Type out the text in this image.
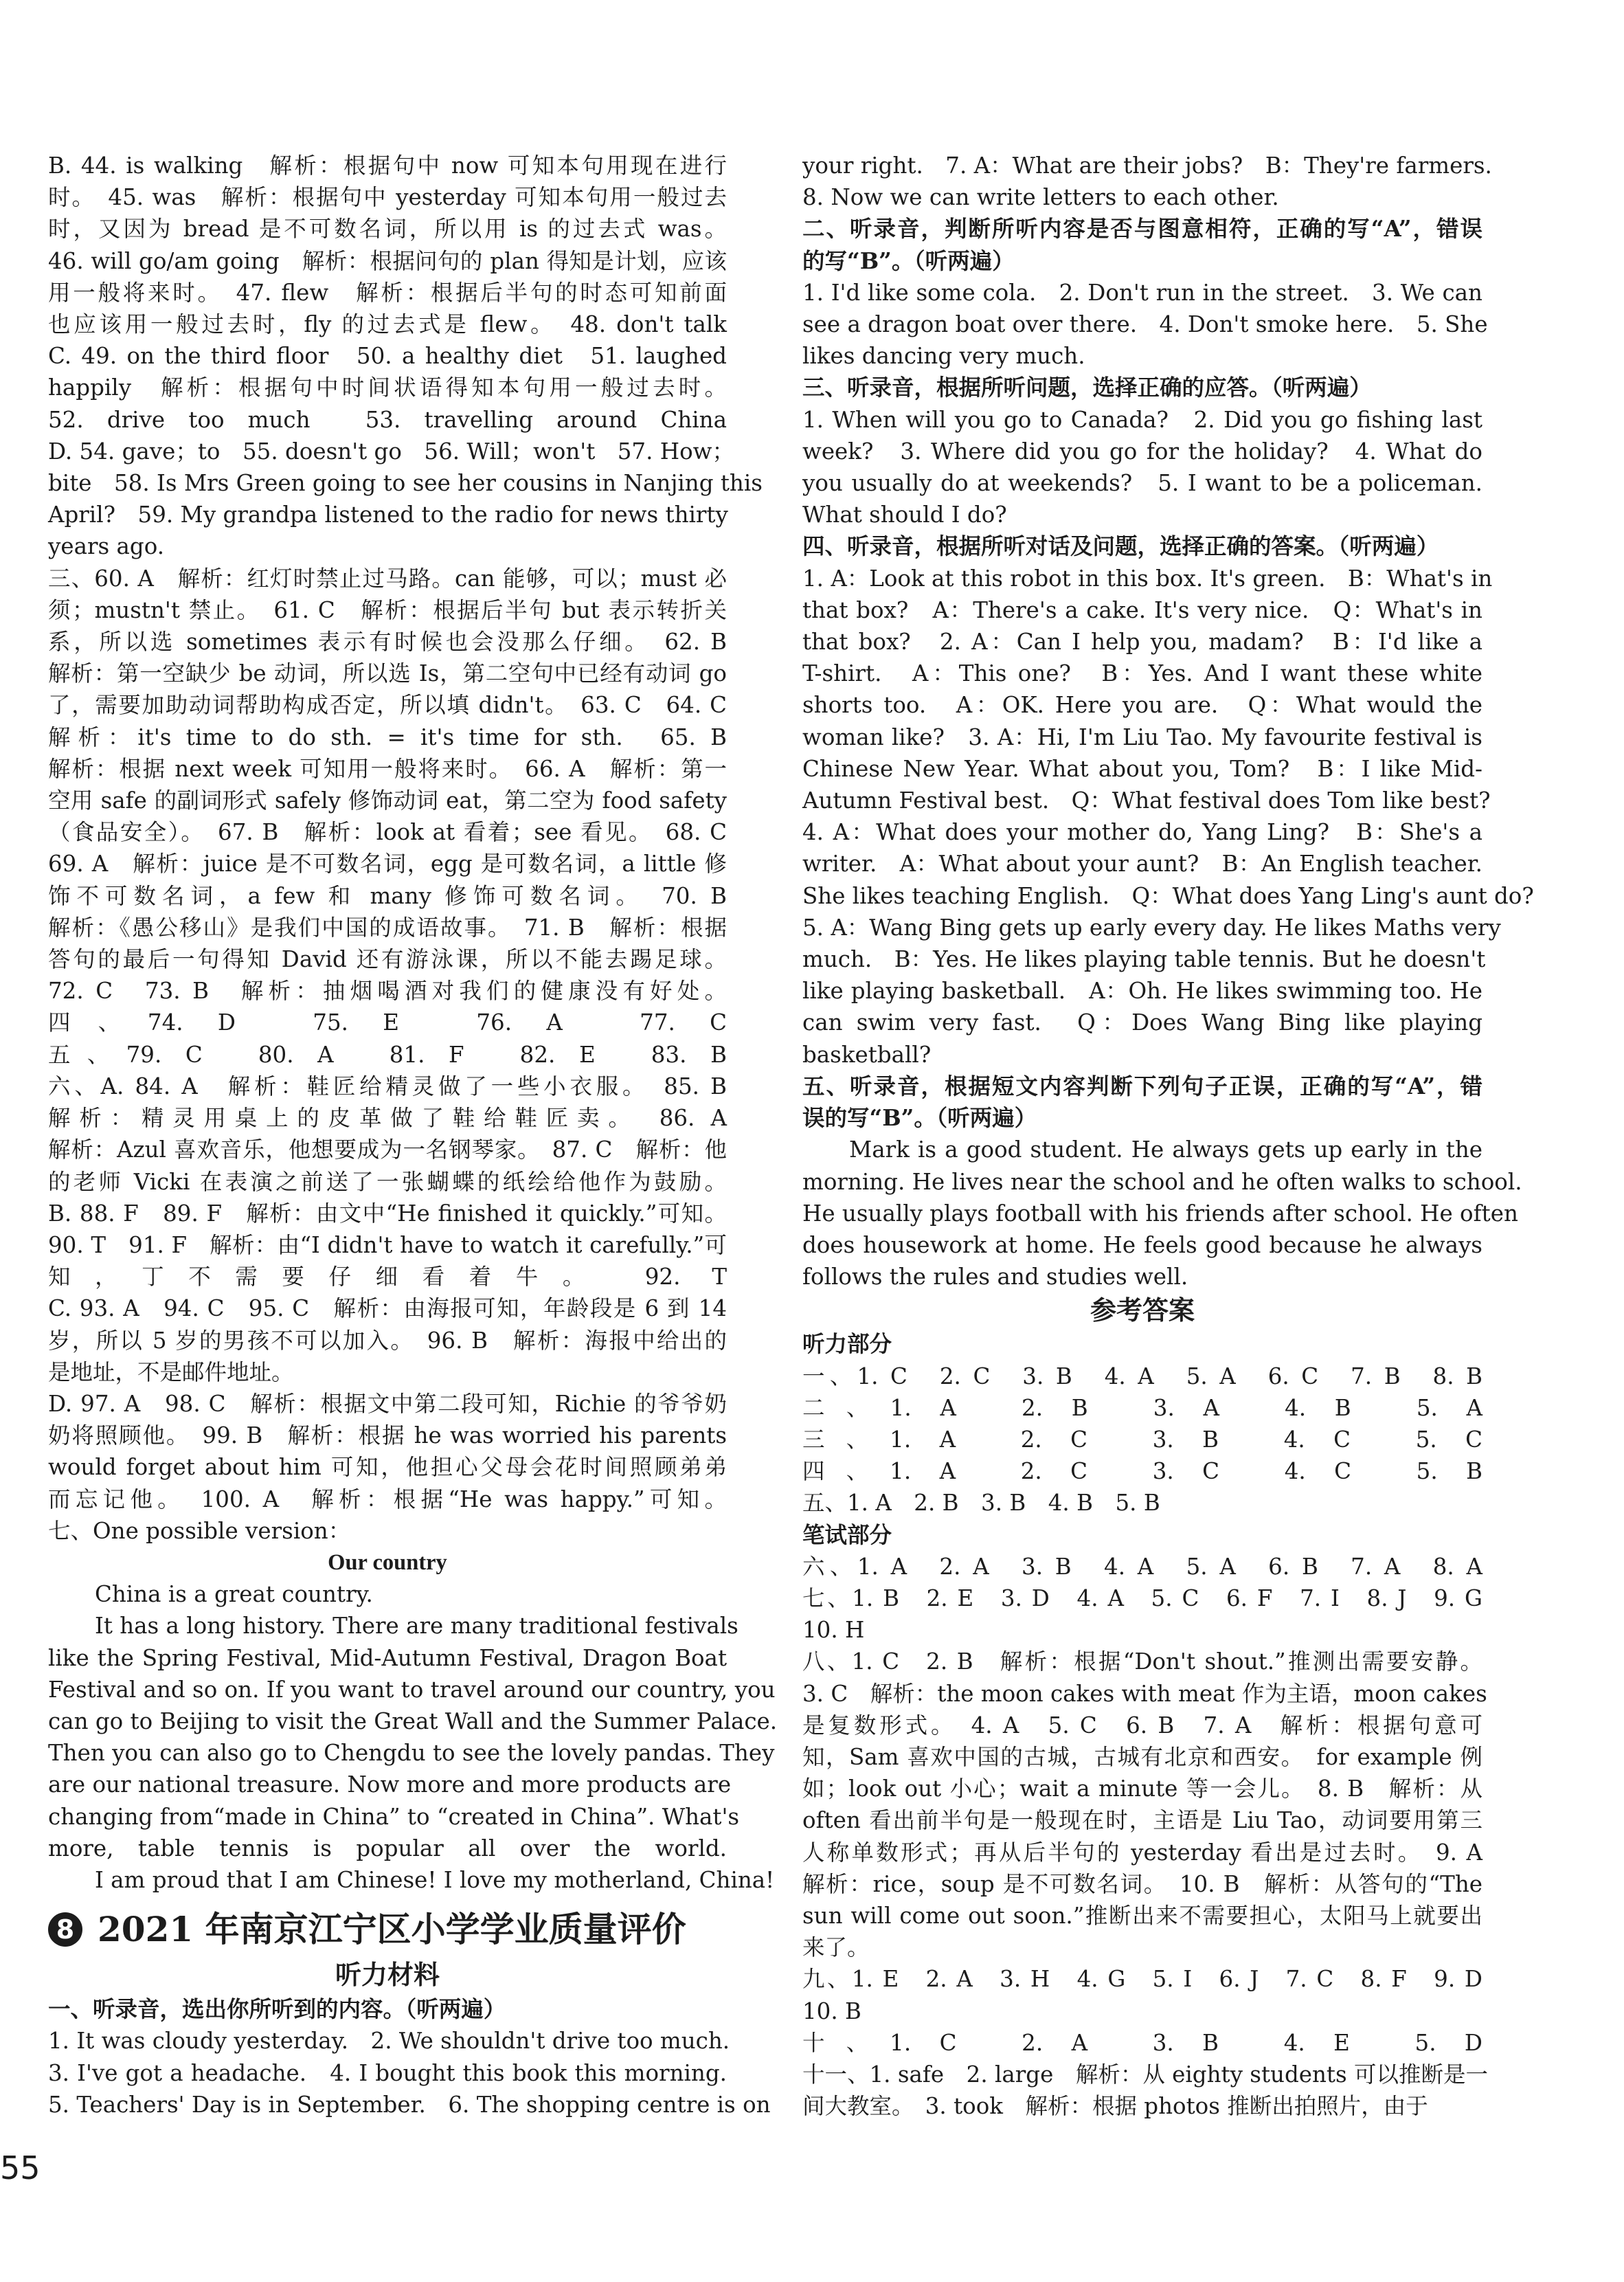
B. 44. is walking　解析：根据句中 now 可知本句用现在进行
时。　45. was　解析：根据句中 yesterday 可知本句用一般过去
时，又因为 bread 是不可数名词，所以用 is 的过去式 was。
46. will go/am going　解析：根据问句的 plan 得知是计划，应该
用一般将来时。　47. flew　解析：根据后半句的时态可知前面
也应该用一般过去时，fly 的过去式是 flew。　48. don't talk
C. 49. on the third floor　50. a healthy diet　51. laughed
happily　解析：根据句中时间状语得知本句用一般过去时。
52. drive too much　53. travelling around China
D. 54. gave；to　55. doesn't go　56. Will；won't　57. How；
bite　58. Is Mrs Green going to see her cousins in Nanjing this
April?　59. My grandpa listened to the radio for news thirty
years ago.
三、60. A　解析：红灯时禁止过马路。can 能够，可以；must 必
须；mustn't 禁止。　61. C　解析：根据后半句 but 表示转折关
系，所以选 sometimes 表示有时候也会没那么仔细。　62. B
解析：第一空缺少 be 动词，所以选 Is，第二空句中已经有动词 go
了，需要加助动词帮助构成否定，所以填 didn't。　63. C　64. C
解析：it's time to do sth. = it's time for sth.　65. B
解析：根据 next week 可知用一般将来时。　66. A　解析：第一
空用 safe 的副词形式 safely 修饰动词 eat，第二空为 food safety
（食品安全）。　67. B　解析：look at 看着；see 看见。　68. C
69. A　解析：juice 是不可数名词，egg 是可数名词，a little 修
饰不可数名词，a few 和 many 修饰可数名词。　70. B
解析：《愚公移山》是我们中国的成语故事。　71. B　解析：根据
答句的最后一句得知 David 还有游泳课，所以不能去踢足球。
72. C　73. B　解析：抽烟喝酒对我们的健康没有好处。
四、74. D　75. E　76. A　77. C
五、79. C　80. A　81. F　82. E　83. B
六、A. 84. A　解析：鞋匠给精灵做了一些小衣服。　85. B
解析：精灵用桌上的皮革做了鞋给鞋匠卖。　86. A
解析：Azul 喜欢音乐，他想要成为一名钢琴家。　87. C　解析：他
的老师 Vicki 在表演之前送了一张蝴蝶的纸绘给他作为鼓励。
B. 88. F　89. F　解析：由文中“He finished it quickly.”可知。
90. T　91. F　解析：由“I didn't have to watch it carefully.”可
知，丁不需要仔细看着牛。　92. T
C. 93. A　94. C　95. C　解析：由海报可知，年龄段是 6 到 14
岁，所以 5 岁的男孩不可以加入。　96. B　解析：海报中给出的
是地址，不是邮件地址。
D. 97. A　98. C　解析：根据文中第二段可知，Richie 的爷爷奶
奶将照顾他。　99. B　解析：根据 he was worried his parents
would forget about him 可知，他担心父母会花时间照顾弟弟
而忘记他。　100. A　解析：根据“He was happy.”可知。
七、One possible version：
Our country
China is a great country.
It has a long history. There are many traditional festivals
like the Spring Festival, Mid-Autumn Festival, Dragon Boat
Festival and so on. If you want to travel around our country, you
can go to Beijing to visit the Great Wall and the Summer Palace.
Then you can also go to Chengdu to see the lovely pandas. They
are our national treasure. Now more and more products are
changing from“made in China” to “created in China”. What's
more, table tennis is popular all over the world.
I am proud that I am Chinese! I love my motherland, China!
8 2021 年南京江宁区小学学业质量评价
听力材料
一、听录音，选出你所听到的内容。（听两遍）
1. It was cloudy yesterday.　2. We shouldn't drive too much.
3. I've got a headache.　4. I bought this book this morning.
5. Teachers' Day is in September.　6. The shopping centre is on
your right.　7. A：What are their jobs?　B：They're farmers.
8. Now we can write letters to each other.
二、听录音，判断所听内容是否与图意相符，正确的写“A”，错误
的写“B”。（听两遍）
1. I'd like some cola.　2. Don't run in the street.　3. We can
see a dragon boat over there.　4. Don't smoke here.　5. She
likes dancing very much.
三、听录音，根据所听问题，选择正确的应答。（听两遍）
1. When will you go to Canada?　2. Did you go fishing last
week?　3. Where did you go for the holiday?　4. What do
you usually do at weekends?　5. I want to be a policeman.
What should I do?
四、听录音，根据所听对话及问题，选择正确的答案。（听两遍）
1. A：Look at this robot in this box. It's green.　B：What's in
that box?　A：There's a cake. It's very nice.　Q：What's in
that box?　2. A：Can I help you, madam?　B：I'd like a
T-shirt.　A：This one?　B：Yes. And I want these white
shorts too.　A：OK. Here you are.　Q：What would the
woman like?　3. A：Hi, I'm Liu Tao. My favourite festival is
Chinese New Year. What about you, Tom?　B：I like Mid-
Autumn Festival best.　Q：What festival does Tom like best?
4. A：What does your mother do, Yang Ling?　B：She's a
writer.　A：What about your aunt?　B：An English teacher.
She likes teaching English.　Q：What does Yang Ling's aunt do?
5. A：Wang Bing gets up early every day. He likes Maths very
much.　B：Yes. He likes playing table tennis. But he doesn't
like playing basketball.　A：Oh. He likes swimming too. He
can swim very fast.　Q：Does Wang Bing like playing
basketball?
五、听录音，根据短文内容判断下列句子正误，正确的写“A”，错
误的写“B”。（听两遍）
Mark is a good student. He always gets up early in the
morning. He lives near the school and he often walks to school.
He usually plays football with his friends after school. He often
does housework at home. He feels good because he always
follows the rules and studies well.
参考答案
听力部分
一、1. C　2. C　3. B　4. A　5. A　6. C　7. B　8. B
二、1. A　2. B　3. A　4. B　5. A
三、1. A　2. C　3. B　4. C　5. C
四、1. A　2. C　3. C　4. C　5. B
五、1. A　2. B　3. B　4. B　5. B
笔试部分
六、1. A　2. A　3. B　4. A　5. A　6. B　7. A　8. A
七、1. B　2. E　3. D　4. A　5. C　6. F　7. I　8. J　9. G
10. H
八、1. C　2. B　解析：根据“Don't shout.”推测出需要安静。
3. C　解析：the moon cakes with meat 作为主语，moon cakes
是复数形式。　4. A　5. C　6. B　7. A　解析：根据句意可
知，Sam 喜欢中国的古城，古城有北京和西安。　for example 例
如；look out 小心；wait a minute 等一会儿。　8. B　解析：从
often 看出前半句是一般现在时，主语是 Liu Tao，动词要用第三
人称单数形式；再从后半句的 yesterday 看出是过去时。　9. A
解析：rice，soup 是不可数名词。　10. B　解析：从答句的“The
sun will come out soon.”推断出来不需要担心，太阳马上就要出
来了。
九、1. E　2. A　3. H　4. G　5. I　6. J　7. C　8. F　9. D
10. B
十、1. C　2. A　3. B　4. E　5. D
十一、1. safe　2. large　解析：从 eighty students 可以推断是一
间大教室。　3. took　解析：根据 photos 推断出拍照片，由于
55
